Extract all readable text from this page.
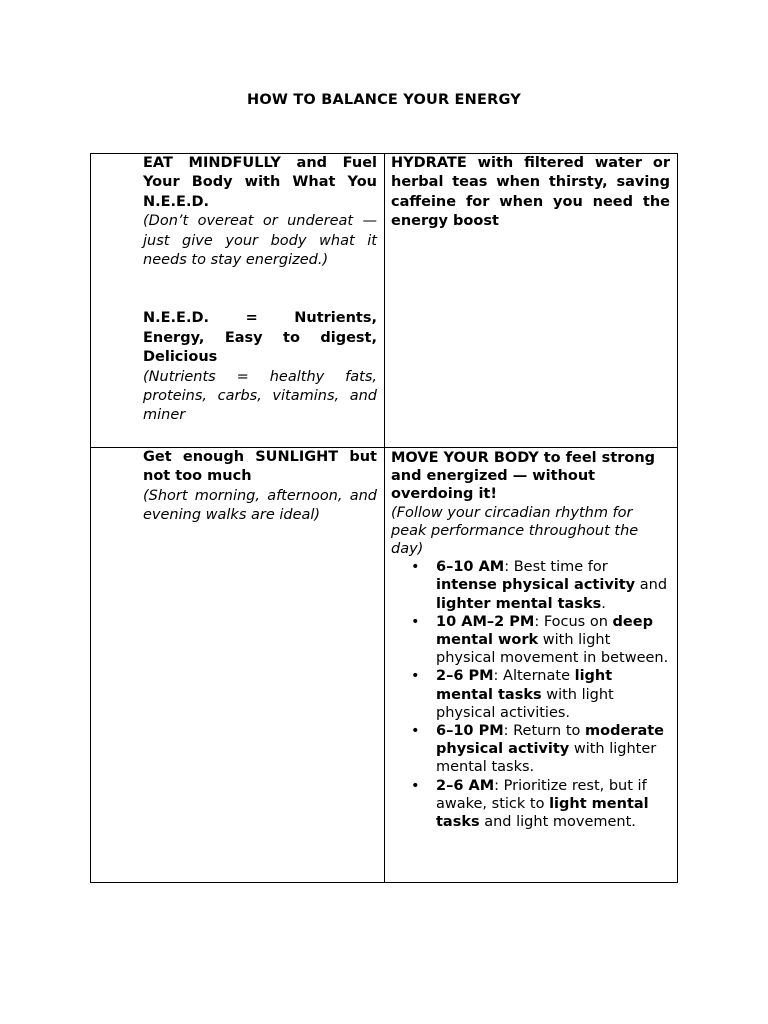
HOW TO BALANCE YOUR ENERGY

EAT MINDFULLY and Fuel Your Body with What You N.E.E.D.

(Don’t overeat or undereat — just give your body what it needs to stay energized.)

N.E.E.D. = Nutrients, Energy, Easy to digest, Delicious

(Nutrients = healthy fats, proteins, carbs, vitamins, and miner

HYDRATE with filtered water or herbal teas when thirsty, saving caffeine for when you need the energy boost

Get enough SUNLIGHT but not too much

(Short morning, afternoon, and evening walks are ideal)

MOVE YOUR BODY to feel strong and energized — without overdoing it!

(Follow your circadian rhythm for peak performance throughout the day)

• 6–10 AM: Best time for intense physical activity and lighter mental tasks.
• 10 AM–2 PM: Focus on deep mental work with light physical movement in between.
• 2–6 PM: Alternate light mental tasks with light physical activities.
• 6–10 PM: Return to moderate physical activity with lighter mental tasks.
• 2–6 AM: Prioritize rest, but if awake, stick to light mental tasks and light movement.
